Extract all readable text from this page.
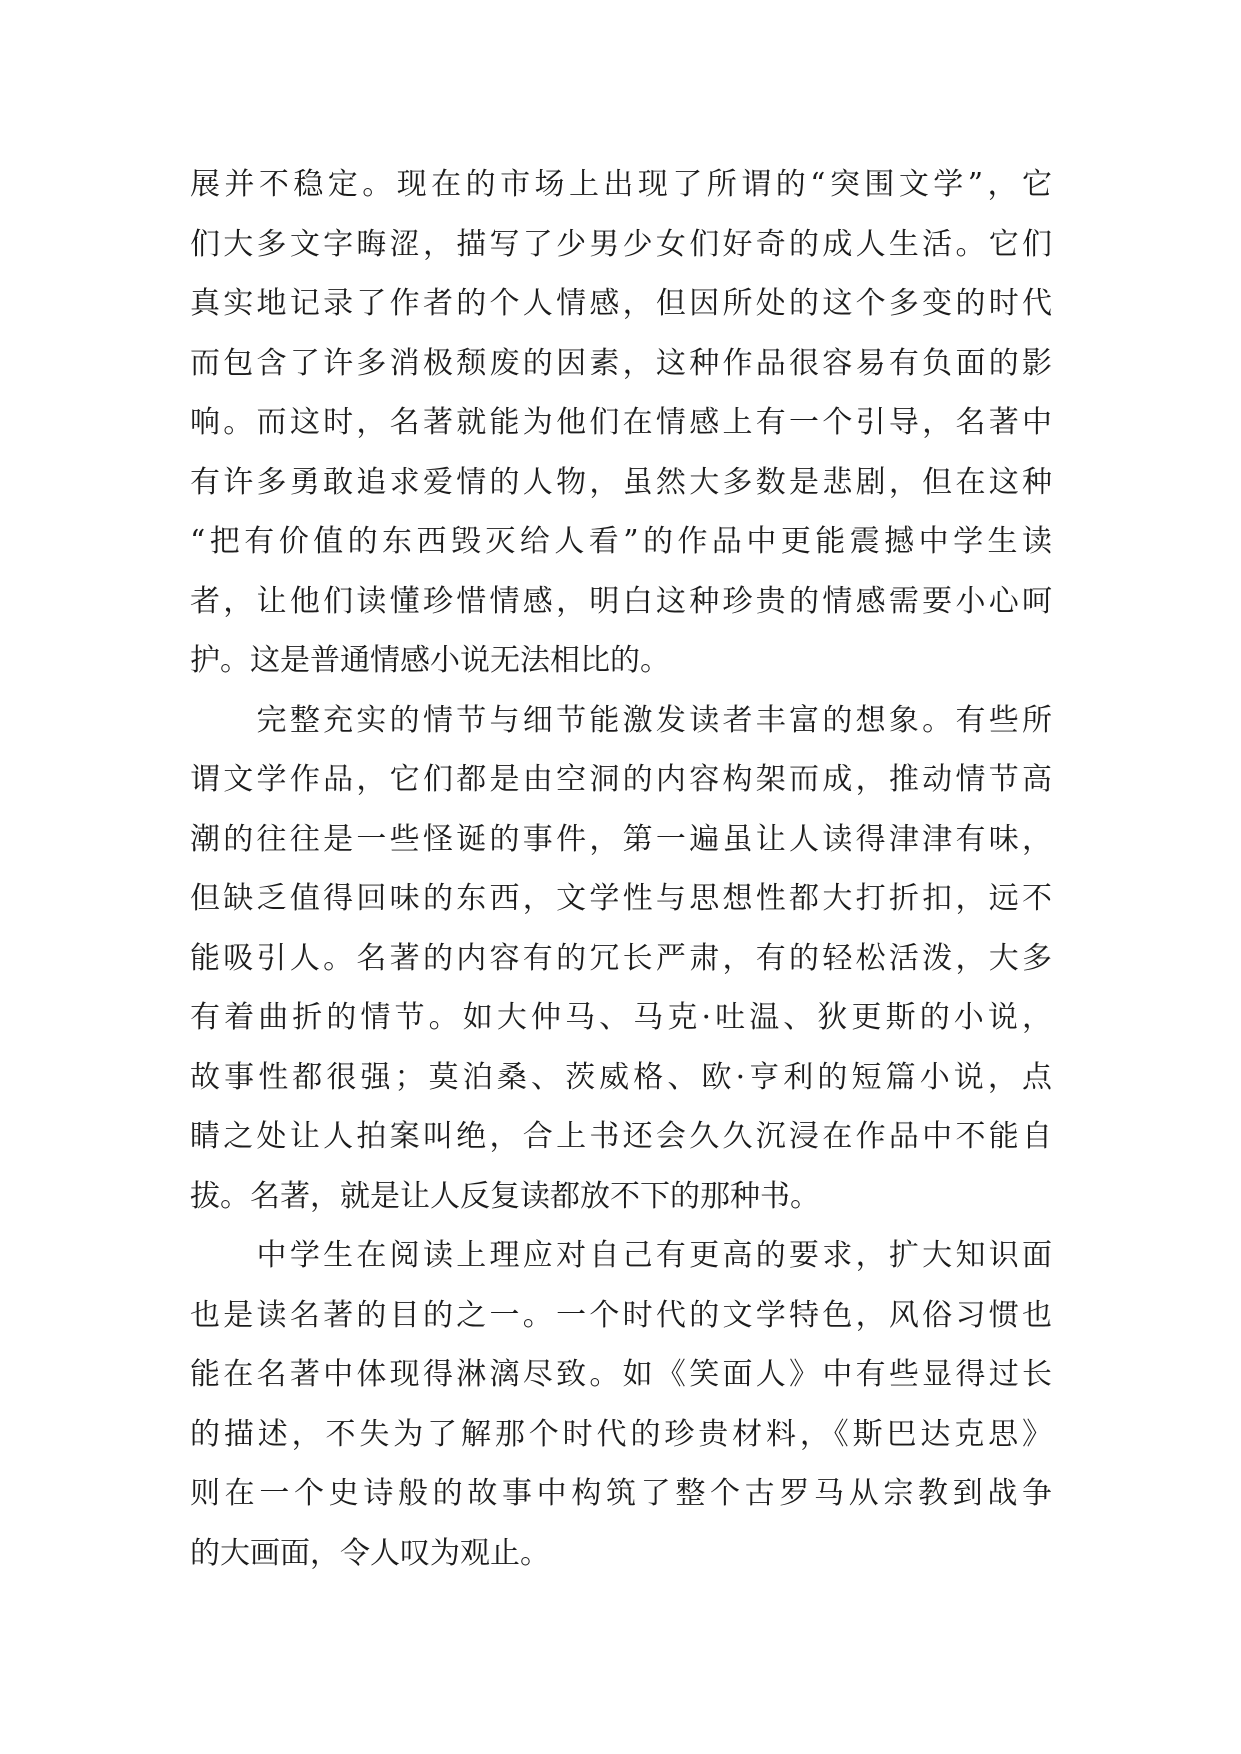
展并不稳定。现在的市场上出现了所谓的“突围文学”，它
们大多文字晦涩，描写了少男少女们好奇的成人生活。它们
真实地记录了作者的个人情感，但因所处的这个多变的时代
而包含了许多消极颓废的因素，这种作品很容易有负面的影
响。而这时，名著就能为他们在情感上有一个引导，名著中
有许多勇敢追求爱情的人物，虽然大多数是悲剧，但在这种
“把有价值的东西毁灭给人看”的作品中更能震撼中学生读
者，让他们读懂珍惜情感，明白这种珍贵的情感需要小心呵
护。这是普通情感小说无法相比的。
　　完整充实的情节与细节能激发读者丰富的想象。有些所
谓文学作品，它们都是由空洞的内容构架而成，推动情节高
潮的往往是一些怪诞的事件，第一遍虽让人读得津津有味，
但缺乏值得回味的东西，文学性与思想性都大打折扣，远不
能吸引人。名著的内容有的冗长严肃，有的轻松活泼，大多
有着曲折的情节。如大仲马、马克·吐温、狄更斯的小说，
故事性都很强；莫泊桑、茨威格、欧·亨利的短篇小说，点
睛之处让人拍案叫绝，合上书还会久久沉浸在作品中不能自
拔。名著，就是让人反复读都放不下的那种书。
　　中学生在阅读上理应对自己有更高的要求，扩大知识面
也是读名著的目的之一。一个时代的文学特色，风俗习惯也
能在名著中体现得淋漓尽致。如《笑面人》中有些显得过长
的描述，不失为了解那个时代的珍贵材料，《斯巴达克思》
则在一个史诗般的故事中构筑了整个古罗马从宗教到战争
的大画面，令人叹为观止。
